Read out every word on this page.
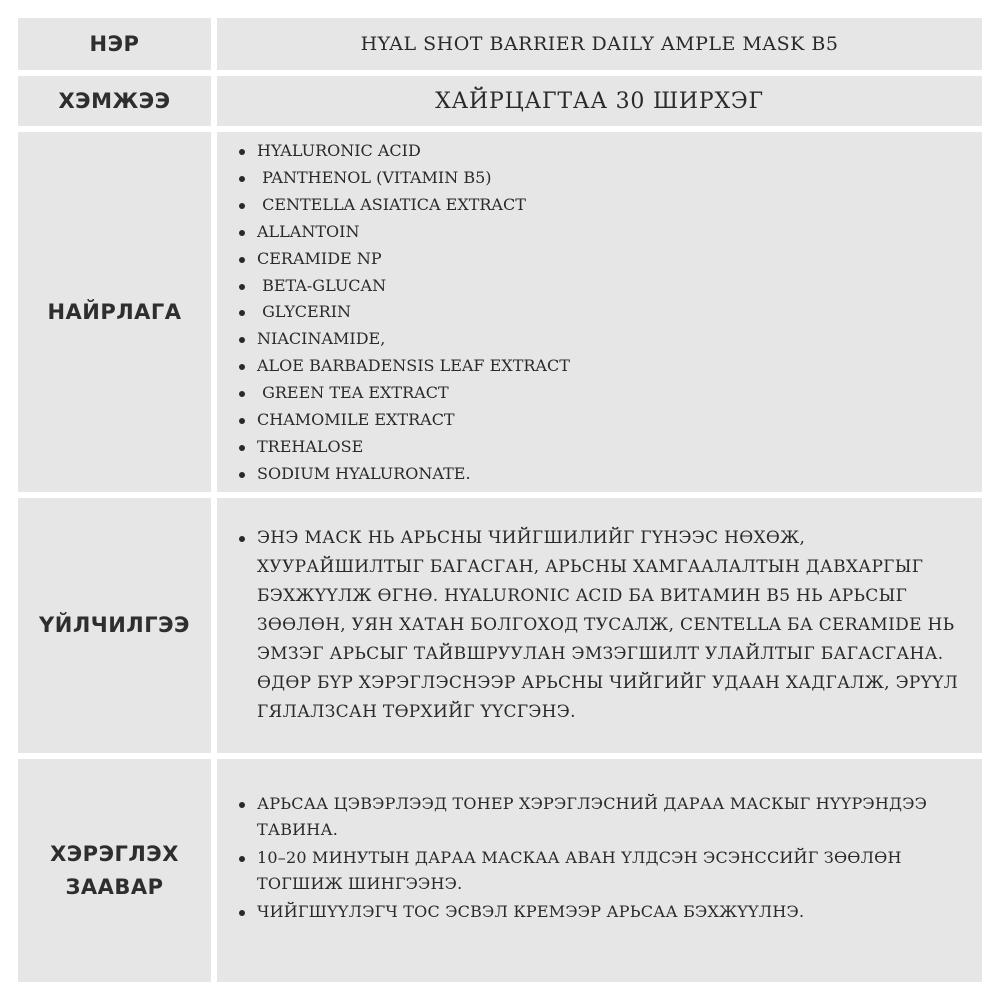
НЭР	HYAL SHOT BARRIER DAILY AMPLE MASK B5
ХЭМЖЭЭ	ХАЙРЦАГТАА 30 ШИРХЭГ
НАЙРЛАГА
HYALURONIC ACID
PANTHENOL (VITAMIN B5)
CENTELLA ASIATICA EXTRACT
ALLANTOIN
CERAMIDE NP
BETA-GLUCAN
GLYCERIN
NIACINAMIDE,
ALOE BARBADENSIS LEAF EXTRACT
GREEN TEA EXTRACT
CHAMOMILE EXTRACT
TREHALOSE
SODIUM HYALURONATE.
ҮЙЛЧИЛГЭЭ
ЭНЭ МАСК НЬ АРЬСНЫ ЧИЙГШИЛИЙГ ГҮНЭЭС НӨХӨЖ, ХУУРАЙШИЛТЫГ БАГАСГАН, АРЬСНЫ ХАМГААЛАЛТЫН ДАВХАРГЫГ БЭХЖҮҮЛЖ ӨГНӨ. HYALURONIC ACID БА ВИТАМИН B5 НЬ АРЬСЫГ ЗӨӨЛӨН, УЯН ХАТАН БОЛГОХОД ТУСАЛЖ, CENTELLA БА CERAMIDE НЬ ЭМЗЭГ АРЬСЫГ ТАЙВШРУУЛАН ЭМЗЭГШИЛТ УЛАЙЛТЫГ БАГАСГАНА. ӨДӨР БҮР ХЭРЭГЛЭСНЭЭР АРЬСНЫ ЧИЙГИЙГ УДААН ХАДГАЛЖ, ЭРҮҮЛ ГЯЛАЛЗСАН ТӨРХИЙГ ҮҮСГЭНЭ.
ХЭРЭГЛЭХ
ЗААВАР
АРЬСАА ЦЭВЭРЛЭЭД ТОНЕР ХЭРЭГЛЭСНИЙ ДАРАА МАСКЫГ НҮҮРЭНДЭЭ ТАВИНА.
10–20 МИНУТЫН ДАРАА МАСКАА АВАН ҮЛДСЭН ЭСЭНССИЙГ ЗӨӨЛӨН ТОГШИЖ ШИНГЭЭНЭ.
ЧИЙГШҮҮЛЭГЧ ТОС ЭСВЭЛ КРЕМЭЭР АРЬСАА БЭХЖҮҮЛНЭ.
